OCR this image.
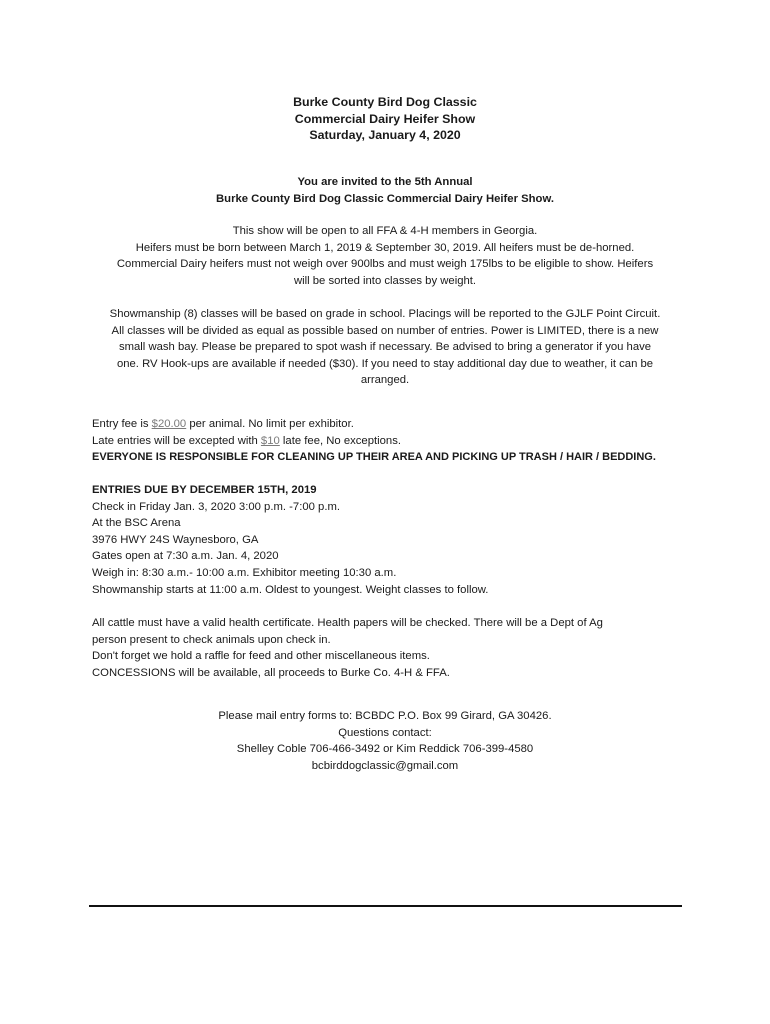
Burke County Bird Dog Classic
Commercial Dairy Heifer Show
Saturday, January 4, 2020
You are invited to the 5th Annual
Burke County Bird Dog Classic Commercial Dairy Heifer Show.
This show will be open to all FFA & 4-H members in Georgia.
Heifers must be born between March 1, 2019 & September 30, 2019. All heifers must be de-horned.
Commercial Dairy heifers must not weigh over 900lbs and must weigh 175lbs to be eligible to show. Heifers
will be sorted into classes by weight.
Showmanship (8) classes will be based on grade in school. Placings will be reported to the GJLF Point Circuit.
All classes will be divided as equal as possible based on number of entries. Power is LIMITED, there is a new
small wash bay. Please be prepared to spot wash if necessary. Be advised to bring a generator if you have
one. RV Hook-ups are available if needed ($30). If you need to stay additional day due to weather, it can be
arranged.
Entry fee is $20.00 per animal. No limit per exhibitor.
Late entries will be excepted with $10 late fee, No exceptions.
EVERYONE IS RESPONSIBLE FOR CLEANING UP THEIR AREA AND PICKING UP TRASH / HAIR / BEDDING.
ENTRIES DUE BY DECEMBER 15TH, 2019
Check in Friday Jan. 3, 2020 3:00 p.m. -7:00 p.m.
At the BSC Arena
3976 HWY 24S Waynesboro, GA
Gates open at 7:30 a.m. Jan. 4, 2020
Weigh in: 8:30 a.m.- 10:00 a.m. Exhibitor meeting 10:30 a.m.
Showmanship starts at 11:00 a.m. Oldest to youngest. Weight classes to follow.
All cattle must have a valid health certificate. Health papers will be checked. There will be a Dept of Ag
person present to check animals upon check in.
Don't forget we hold a raffle for feed and other miscellaneous items.
CONCESSIONS will be available, all proceeds to Burke Co. 4-H & FFA.
Please mail entry forms to: BCBDC P.O. Box 99 Girard, GA 30426.
Questions contact:
Shelley Coble 706-466-3492 or Kim Reddick 706-399-4580
bcbirddogclassic@gmail.com
